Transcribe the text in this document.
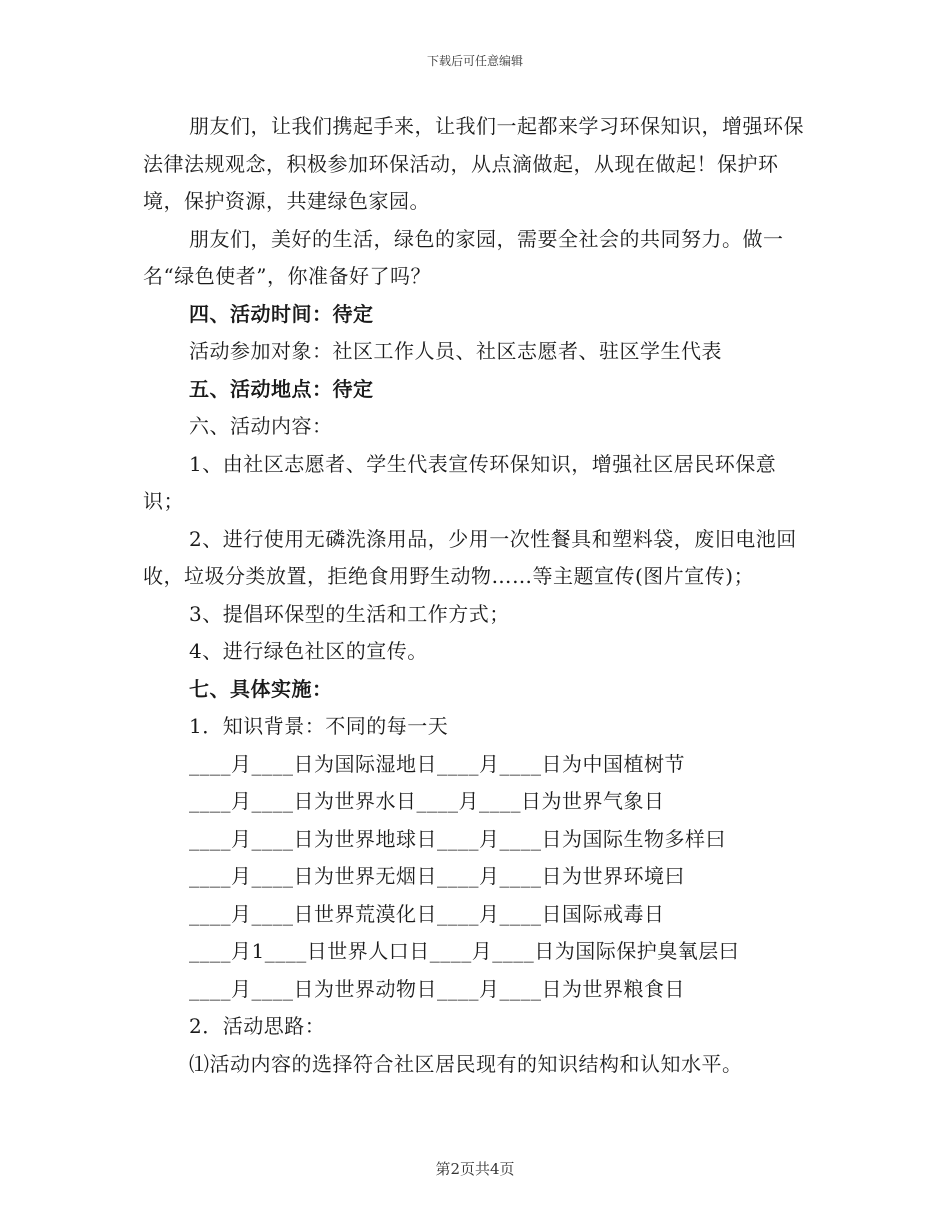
下载后可任意编辑

朋友们，让我们携起手来，让我们一起都来学习环保知识，增强环保法律法规观念，积极参加环保活动，从点滴做起，从现在做起！保护环境，保护资源，共建绿色家园。

朋友们，美好的生活，绿色的家园，需要全社会的共同努力。做一名“绿色使者”，你准备好了吗？

四、活动时间：待定

活动参加对象：社区工作人员、社区志愿者、驻区学生代表

五、活动地点：待定

六、活动内容：

1、由社区志愿者、学生代表宣传环保知识，增强社区居民环保意识；

2、进行使用无磷洗涤用品，少用一次性餐具和塑料袋，废旧电池回收，垃圾分类放置，拒绝食用野生动物……等主题宣传(图片宣传)；

3、提倡环保型的生活和工作方式；

4、进行绿色社区的宣传。

七、具体实施：

1．知识背景：不同的每一天

____月____日为国际湿地日____月____日为中国植树节

____月____日为世界水日____月____日为世界气象日

____月____日为世界地球日____月____日为国际生物多样曰

____月____日为世界无烟日____月____日为世界环境曰

____月____日世界荒漠化日____月____日国际戒毒日

____月1____日世界人口日____月____日为国际保护臭氧层曰

____月____日为世界动物日____月____日为世界粮食日

2．活动思路：

⑴活动内容的选择符合社区居民现有的知识结构和认知水平。

第2页共4页
